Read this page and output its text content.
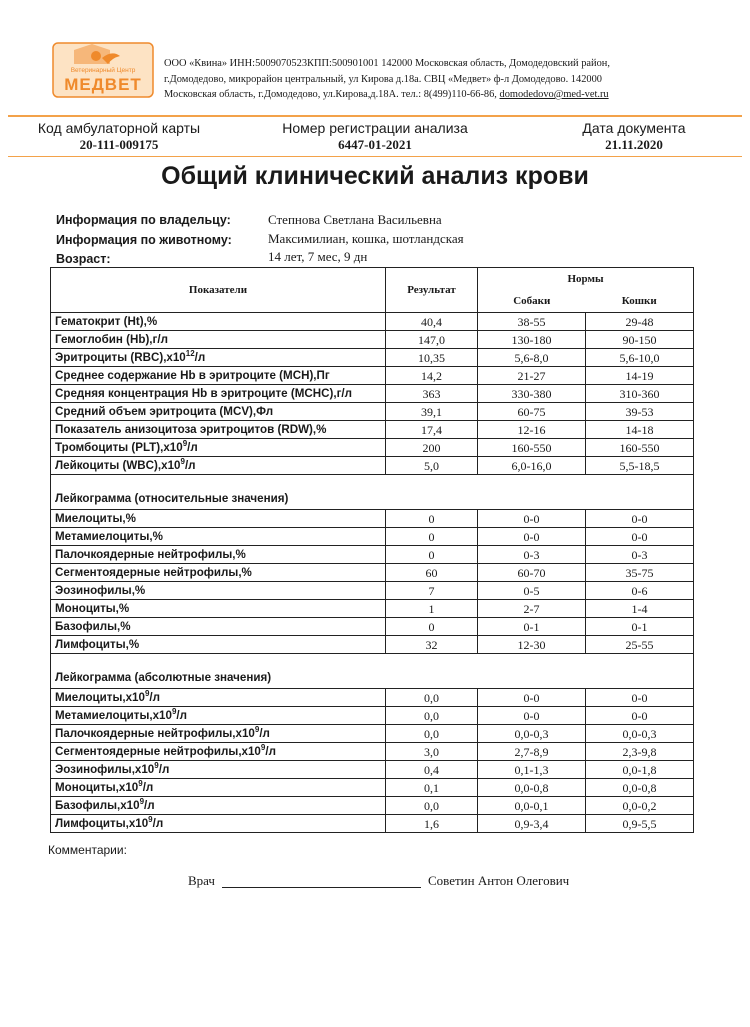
Ветеринарный Центр
МЕДВЕТ
ООО «Квина» ИНН:5009070523КПП:500901001 142000 Московская область, Домодедовский район,
г.Домодедово, микрорайон центральный, ул Кирова д.18а. СВЦ «Медвет» ф-л Домодедово. 142000
Московская область, г.Домодедово, ул.Кирова,д.18А. тел.: 8(499)110-66-86, domodedovo@med-vet.ru
Код амбулаторной карты
20-111-009175
Номер регистрации анализа
6447-01-2021
Дата документа
21.11.2020
Общий клинический анализ крови
Информация по владельцу:	Степнова Светлана Васильевна
Информация по животному:	Максимилиан, кошка, шотландская
Возраст:	14 лет, 7 мес, 9 дн
Показатели	Результат	Нормы	
		Собаки	Кошки
Гематокрит (Ht),%	40,4	38-55	29-48
Гемоглобин (Hb),г/л	147,0	130-180	90-150
Эритроциты $(RBC),x10^{12}/л$	10,35	5,6-8,0	5,6-10,0
Среднее содержание Hb в эритроците (MCH),Пг	14,2	21-27	14-19
Средняя концентрация Hb в эритроците (MCHC),г/л	363	330-380	310-360
Средний объем эритроцита (MCV),Фл	39,1	60-75	39-53
Показатель анизоцитоза эритроцитов (RDW),%	17,4	12-16	14-18
Тромбоциты $(PLT),x10^9/л$	200	160-550	160-550
Лейкоциты $(WBC),x10^9/л$	5,0	6,0-16,0	5,5-18,5
Лейкограмма (относительные значения)			
Миелоциты,%	0	0-0	0-0
Метамиелоциты,%	0	0-0	0-0
Палочкоядерные нейтрофилы,%	0	0-3	0-3
Сегментоядерные нейтрофилы,%	60	60-70	35-75
Эозинофилы,%	7	0-5	0-6
Моноциты,%	1	2-7	1-4
Базофилы,%	0	0-1	0-1
Лимфоциты,%	32	12-30	25-55
Лейкограмма (абсолютные значения)			
$Миелоциты,x10^9/л$	0,0	0-0	0-0
$Метамиелоциты,x10^9/л$	0,0	0-0	0-0
Палочкоядерные $нейтрофилы,x10^9/л$	0,0	0,0-0,3	0,0-0,3
Сегментоядерные $нейтрофилы,x10^9/л$	3,0	2,7-8,9	2,3-9,8
$Эозинофилы,x10^9/л$	0,4	0,1-1,3	0,0-1,8
$Моноциты,x10^9/л$	0,1	0,0-0,8	0,0-0,8
$Базофилы,x10^9/л$	0,0	0,0-0,1	0,0-0,2
$Лимфоциты,x10^9/л$	1,6	0,9-3,4	0,9-5,5
Комментарии:
Врач	Советин Антон Олегович
